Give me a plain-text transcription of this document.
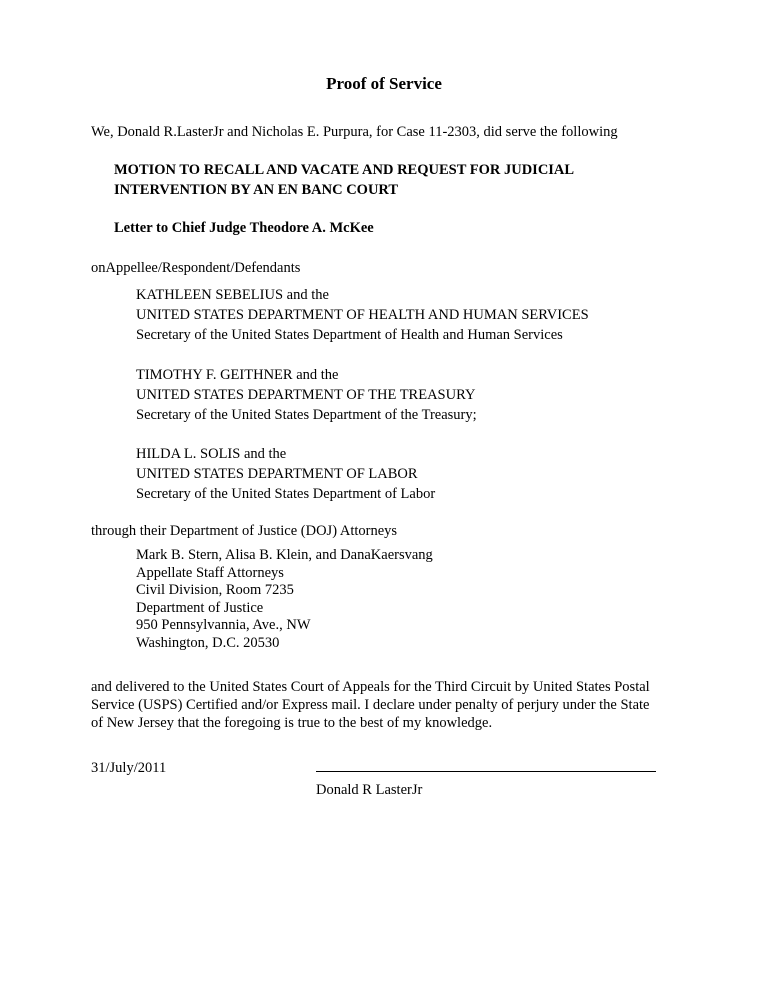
Proof of Service
We, Donald R.LasterJr and Nicholas E. Purpura, for Case 11-2303, did serve the following
MOTION TO RECALL AND VACATE AND REQUEST FOR JUDICIAL
INTERVENTION BY AN EN BANC COURT
Letter to Chief Judge Theodore A. McKee
onAppellee/Respondent/Defendants
KATHLEEN SEBELIUS and the
UNITED STATES DEPARTMENT OF HEALTH AND HUMAN SERVICES
Secretary of the United States Department of Health and Human Services
TIMOTHY F. GEITHNER and the
UNITED STATES DEPARTMENT OF THE TREASURY
Secretary of the United States Department of the Treasury;
HILDA L. SOLIS and the
UNITED STATES DEPARTMENT OF LABOR
Secretary of the United States Department of Labor
through their Department of Justice (DOJ) Attorneys
Mark B. Stern, Alisa B. Klein, and DanaKaersvang
Appellate Staff Attorneys
Civil Division, Room 7235
Department of Justice
950 Pennsylvannia, Ave., NW
Washington, D.C. 20530
and delivered to the United States Court of Appeals for the Third Circuit by United States Postal
Service (USPS) Certified and/or Express mail. I declare under penalty of perjury under the State
of New Jersey that the foregoing is true to the best of my knowledge.
31/July/2011
Donald R LasterJr
